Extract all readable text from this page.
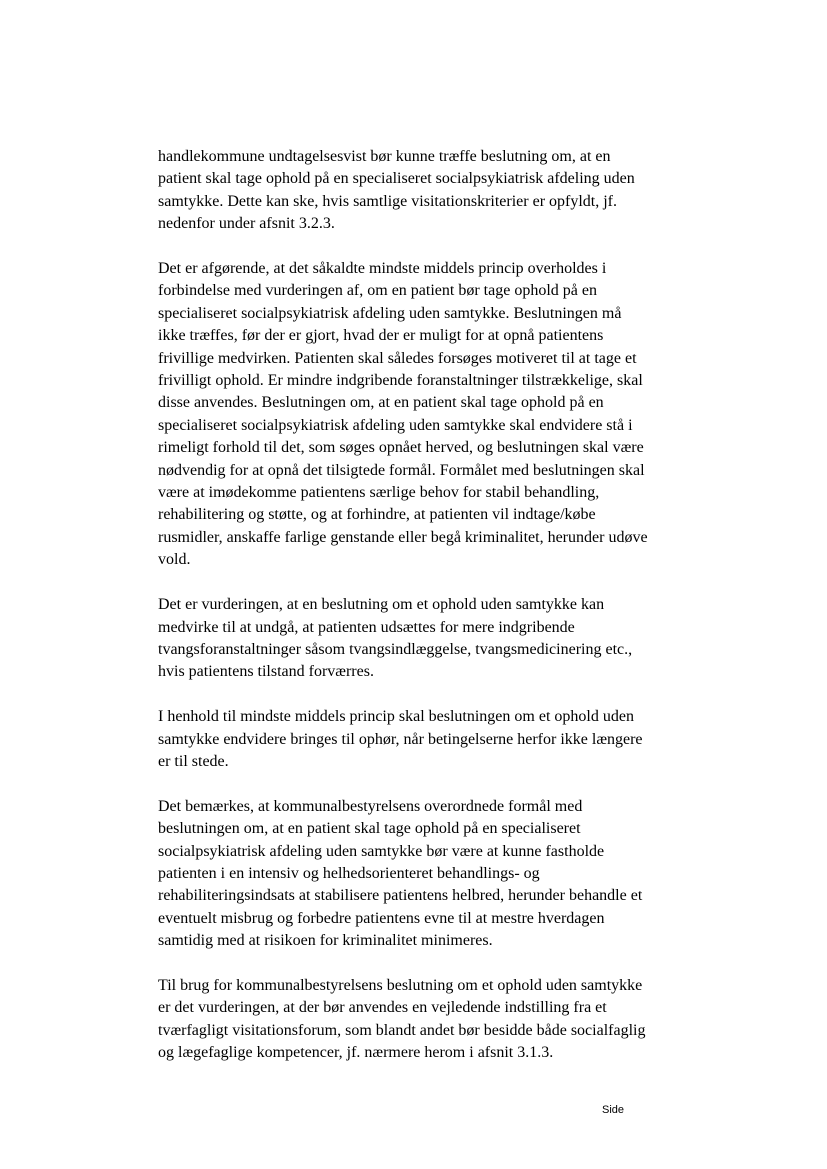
handlekommune undtagelsesvist bør kunne træffe beslutning om, at en
patient skal tage ophold på en specialiseret socialpsykiatrisk afdeling uden
samtykke. Dette kan ske, hvis samtlige visitationskriterier er opfyldt, jf.
nedenfor under afsnit 3.2.3.

Det er afgørende, at det såkaldte mindste middels princip overholdes i
forbindelse med vurderingen af, om en patient bør tage ophold på en
specialiseret socialpsykiatrisk afdeling uden samtykke. Beslutningen må
ikke træffes, før der er gjort, hvad der er muligt for at opnå patientens
frivillige medvirken. Patienten skal således forsøges motiveret til at tage et
frivilligt ophold. Er mindre indgribende foranstaltninger tilstrækkelige, skal
disse anvendes. Beslutningen om, at en patient skal tage ophold på en
specialiseret socialpsykiatrisk afdeling uden samtykke skal endvidere stå i
rimeligt forhold til det, som søges opnået herved, og beslutningen skal være
nødvendig for at opnå det tilsigtede formål. Formålet med beslutningen skal
være at imødekomme patientens særlige behov for stabil behandling,
rehabilitering og støtte, og at forhindre, at patienten vil indtage/købe
rusmidler, anskaffe farlige genstande eller begå kriminalitet, herunder udøve
vold.

Det er vurderingen, at en beslutning om et ophold uden samtykke kan
medvirke til at undgå, at patienten udsættes for mere indgribende
tvangsforanstaltninger såsom tvangsindlæggelse, tvangsmedicinering etc.,
hvis patientens tilstand forværres.

I henhold til mindste middels princip skal beslutningen om et ophold uden
samtykke endvidere bringes til ophør, når betingelserne herfor ikke længere
er til stede.

Det bemærkes, at kommunalbestyrelsens overordnede formål med
beslutningen om, at en patient skal tage ophold på en specialiseret
socialpsykiatrisk afdeling uden samtykke bør være at kunne fastholde
patienten i en intensiv og helhedsorienteret behandlings- og
rehabiliteringsindsats at stabilisere patientens helbred, herunder behandle et
eventuelt misbrug og forbedre patientens evne til at mestre hverdagen
samtidig med at risikoen for kriminalitet minimeres.

Til brug for kommunalbestyrelsens beslutning om et ophold uden samtykke
er det vurderingen, at der bør anvendes en vejledende indstilling fra et
tværfagligt visitationsforum, som blandt andet bør besidde både socialfaglig
og lægefaglige kompetencer, jf. nærmere herom i afsnit 3.1.3.

Side
